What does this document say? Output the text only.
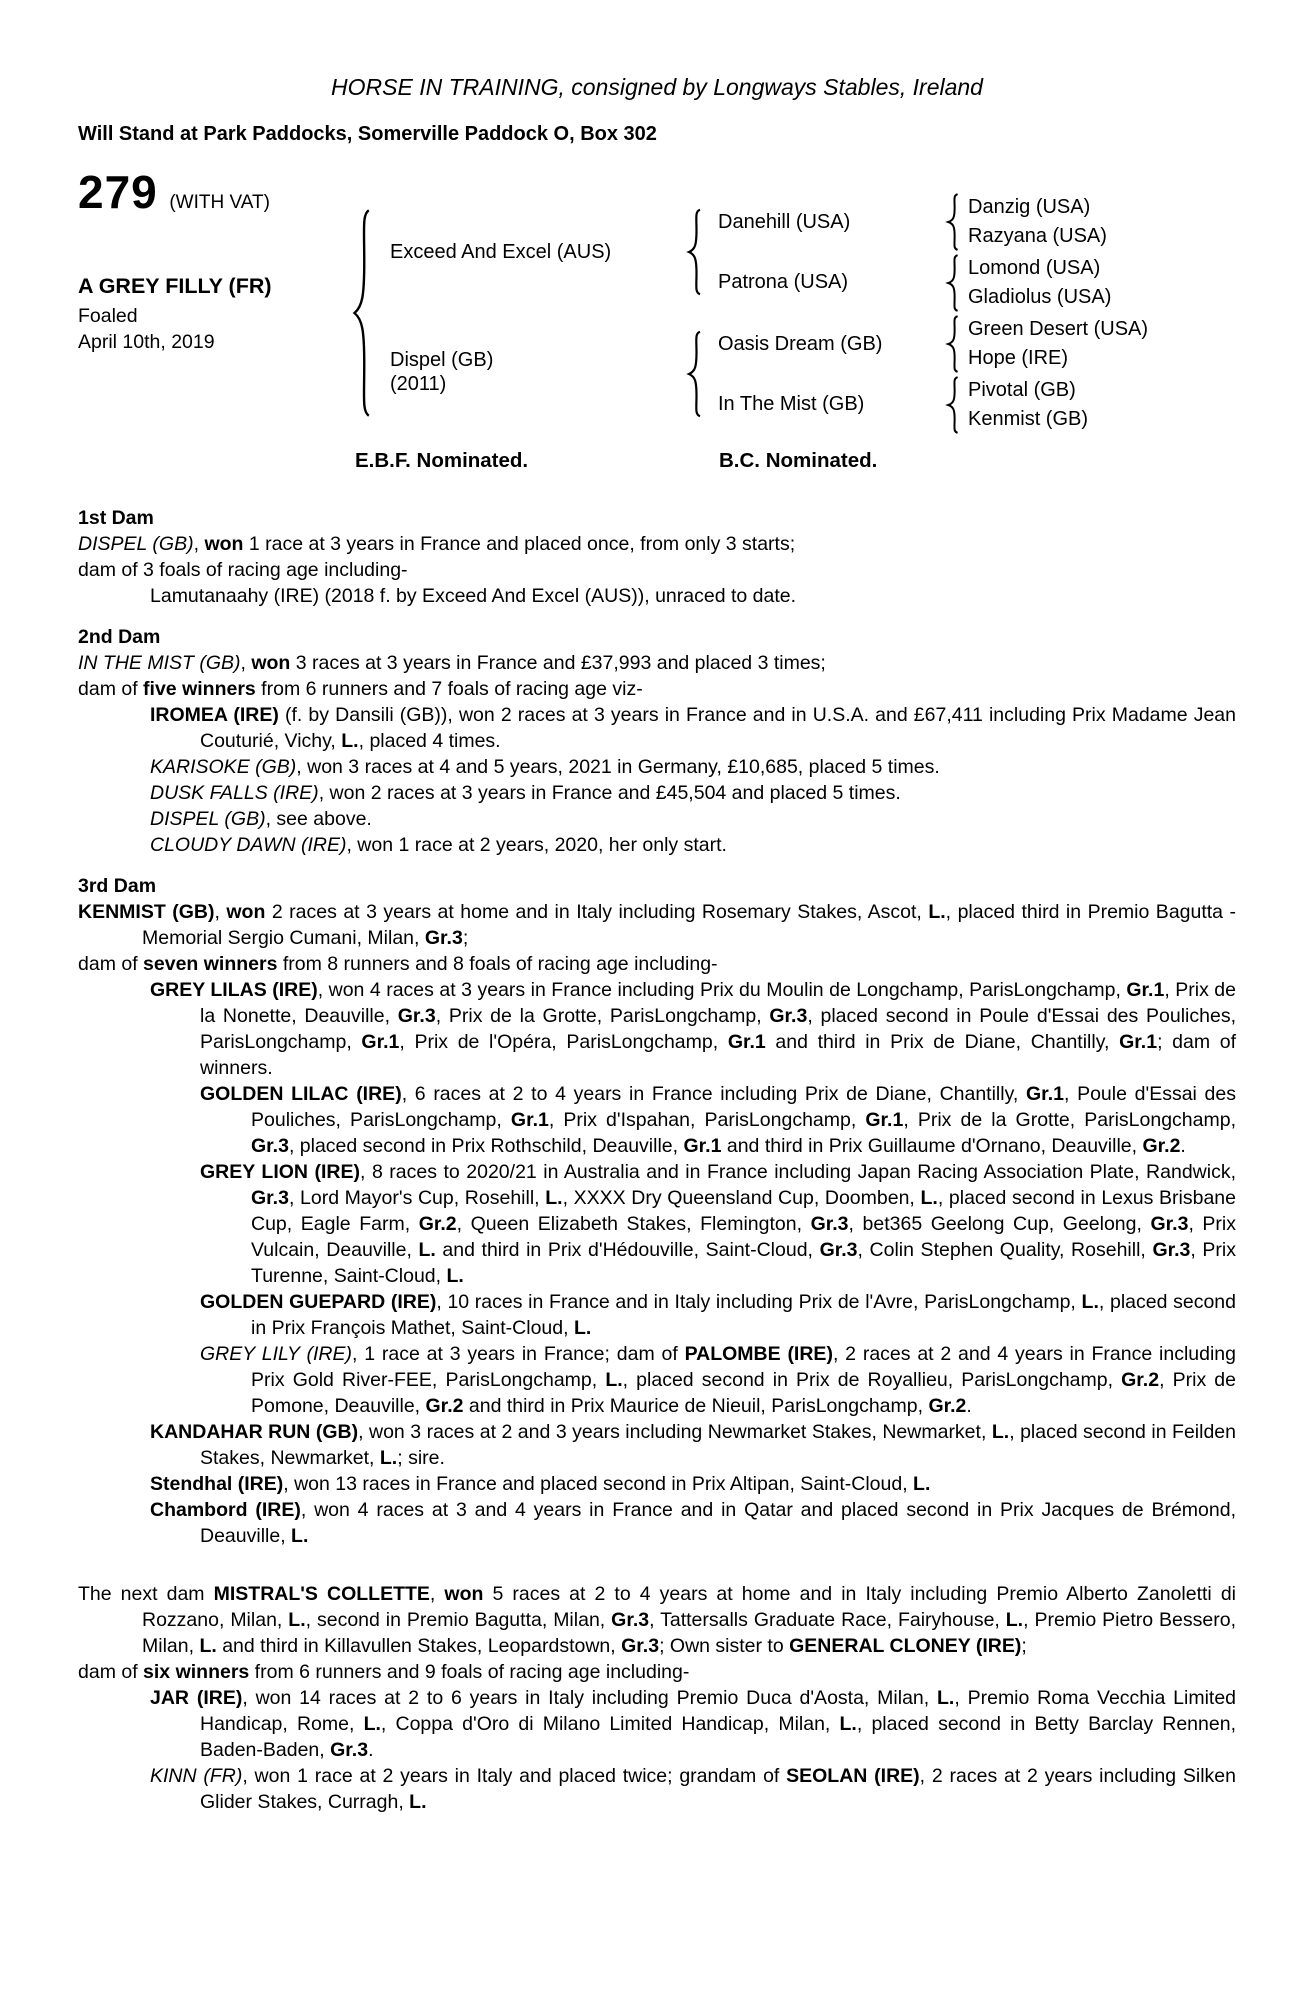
HORSE IN TRAINING, consigned by Longways Stables, Ireland
Will Stand at Park Paddocks, Somerville Paddock O, Box 302
279 (WITH VAT)
A GREY FILLY (FR)
Foaled
April 10th, 2019
Exceed And Excel (AUS)
Dispel (GB)
(2011)
Danehill (USA)
Patrona (USA)
Oasis Dream (GB)
In The Mist (GB)
Danzig (USA)
Razyana (USA)
Lomond (USA)
Gladiolus (USA)
Green Desert (USA)
Hope (IRE)
Pivotal (GB)
Kenmist (GB)
E.B.F. Nominated.	B.C. Nominated.

1st Dam

DISPEL (GB), won 1 race at 3 years in France and placed once, from only 3 starts;

dam of 3 foals of racing age including-

Lamutanaahy (IRE) (2018 f. by Exceed And Excel (AUS)), unraced to date.

2nd Dam

IN THE MIST (GB), won 3 races at 3 years in France and £37,993 and placed 3 times;

dam of five winners from 6 runners and 7 foals of racing age viz-

IROMEA (IRE) (f. by Dansili (GB)), won 2 races at 3 years in France and in U.S.A. and £67,411 including Prix Madame Jean Couturié, Vichy, L., placed 4 times.

KARISOKE (GB), won 3 races at 4 and 5 years, 2021 in Germany, £10,685, placed 5 times.

DUSK FALLS (IRE), won 2 races at 3 years in France and £45,504 and placed 5 times.

DISPEL (GB), see above.

CLOUDY DAWN (IRE), won 1 race at 2 years, 2020, her only start.

3rd Dam

KENMIST (GB), won 2 races at 3 years at home and in Italy including Rosemary Stakes, Ascot, L., placed third in Premio Bagutta - Memorial Sergio Cumani, Milan, Gr.3;

dam of seven winners from 8 runners and 8 foals of racing age including-

GREY LILAS (IRE), won 4 races at 3 years in France including Prix du Moulin de Longchamp, ParisLongchamp, Gr.1, Prix de la Nonette, Deauville, Gr.3, Prix de la Grotte, ParisLongchamp, Gr.3, placed second in Poule d'Essai des Pouliches, ParisLongchamp, Gr.1, Prix de l'Opéra, ParisLongchamp, Gr.1 and third in Prix de Diane, Chantilly, Gr.1; dam of winners.

GOLDEN LILAC (IRE), 6 races at 2 to 4 years in France including Prix de Diane, Chantilly, Gr.1, Poule d'Essai des Pouliches, ParisLongchamp, Gr.1, Prix d'Ispahan, ParisLongchamp, Gr.1, Prix de la Grotte, ParisLongchamp, Gr.3, placed second in Prix Rothschild, Deauville, Gr.1 and third in Prix Guillaume d'Ornano, Deauville, Gr.2.

GREY LION (IRE), 8 races to 2020/21 in Australia and in France including Japan Racing Association Plate, Randwick, Gr.3, Lord Mayor's Cup, Rosehill, L., XXXX Dry Queensland Cup, Doomben, L., placed second in Lexus Brisbane Cup, Eagle Farm, Gr.2, Queen Elizabeth Stakes, Flemington, Gr.3, bet365 Geelong Cup, Geelong, Gr.3, Prix Vulcain, Deauville, L. and third in Prix d'Hédouville, Saint-Cloud, Gr.3, Colin Stephen Quality, Rosehill, Gr.3, Prix Turenne, Saint-Cloud, L.

GOLDEN GUEPARD (IRE), 10 races in France and in Italy including Prix de l'Avre, ParisLongchamp, L., placed second in Prix François Mathet, Saint-Cloud, L.

GREY LILY (IRE), 1 race at 3 years in France; dam of PALOMBE (IRE), 2 races at 2 and 4 years in France including Prix Gold River-FEE, ParisLongchamp, L., placed second in Prix de Royallieu, ParisLongchamp, Gr.2, Prix de Pomone, Deauville, Gr.2 and third in Prix Maurice de Nieuil, ParisLongchamp, Gr.2.

KANDAHAR RUN (GB), won 3 races at 2 and 3 years including Newmarket Stakes, Newmarket, L., placed second in Feilden Stakes, Newmarket, L.; sire.

Stendhal (IRE), won 13 races in France and placed second in Prix Altipan, Saint-Cloud, L.

Chambord (IRE), won 4 races at 3 and 4 years in France and in Qatar and placed second in Prix Jacques de Brémond, Deauville, L.

The next dam MISTRAL'S COLLETTE, won 5 races at 2 to 4 years at home and in Italy including Premio Alberto Zanoletti di Rozzano, Milan, L., second in Premio Bagutta, Milan, Gr.3, Tattersalls Graduate Race, Fairyhouse, L., Premio Pietro Bessero, Milan, L. and third in Killavullen Stakes, Leopardstown, Gr.3; Own sister to GENERAL CLONEY (IRE);

dam of six winners from 6 runners and 9 foals of racing age including-

JAR (IRE), won 14 races at 2 to 6 years in Italy including Premio Duca d'Aosta, Milan, L., Premio Roma Vecchia Limited Handicap, Rome, L., Coppa d'Oro di Milano Limited Handicap, Milan, L., placed second in Betty Barclay Rennen, Baden-Baden, Gr.3.

KINN (FR), won 1 race at 2 years in Italy and placed twice; grandam of SEOLAN (IRE), 2 races at 2 years including Silken Glider Stakes, Curragh, L.
